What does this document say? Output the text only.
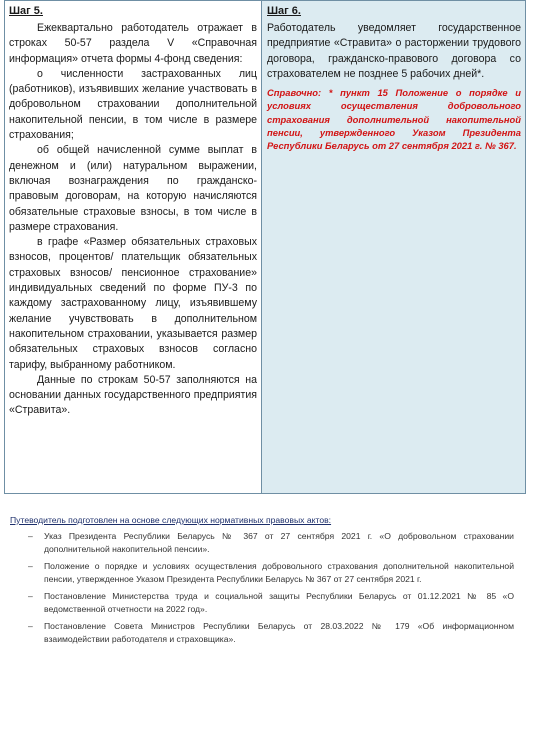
Шаг 5.

Ежеквартально работодатель отражает в строках 50-57 раздела V «Справочная информация» отчета формы 4-фонд сведения:

о численности застрахованных лиц (работников), изъявивших желание участвовать в добровольном страховании дополнительной накопительной пенсии, в том числе в размере страхования;

об общей начисленной сумме выплат в денежном и (или) натуральном выражении, включая вознаграждения по гражданско-правовым договорам, на которую начисляются обязательные страховые взносы, в том числе в размере страхования.

в графе «Размер обязательных страховых взносов, процентов/ плательщик обязательных страховых взносов/ пенсионное страхование» индивидуальных сведений по форме ПУ-3 по каждому застрахованному лицу, изъявившему желание учувствовать в дополнительном накопительном страховании, указывается размер обязательных страховых взносов согласно тарифу, выбранному работником.

Данные по строкам 50-57 заполняются на основании данных государственного предприятия «Стравита».

Шаг 6.

Работодатель уведомляет государственное предприятие «Стравита» о расторжении трудового договора, гражданско-правового договора со страхователем не позднее 5 рабочих дней*.

Справочно: * пункт 15 Положение о порядке и условиях осуществления добровольного страхования дополнительной накопительной пенсии, утвержденного Указом Президента Республики Беларусь от 27 сентября 2021 г. № 367.

Путеводитель подготовлен на основе следующих нормативных правовых актов:
– Указ Президента Республики Беларусь № 367 от 27 сентября 2021 г. «О добровольном страховании дополнительной накопительной пенсии».
– Положение о порядке и условиях осуществления добровольного страхования дополнительной накопительной пенсии, утвержденное Указом Президента Республики Беларусь № 367 от 27 сентября 2021 г.
– Постановление Министерства труда и социальной защиты Республики Беларусь от 01.12.2021 № 85 «О ведомственной отчетности на 2022 год».
– Постановление Совета Министров Республики Беларусь от 28.03.2022 № 179 «Об информационном взаимодействии работодателя и страховщика».
